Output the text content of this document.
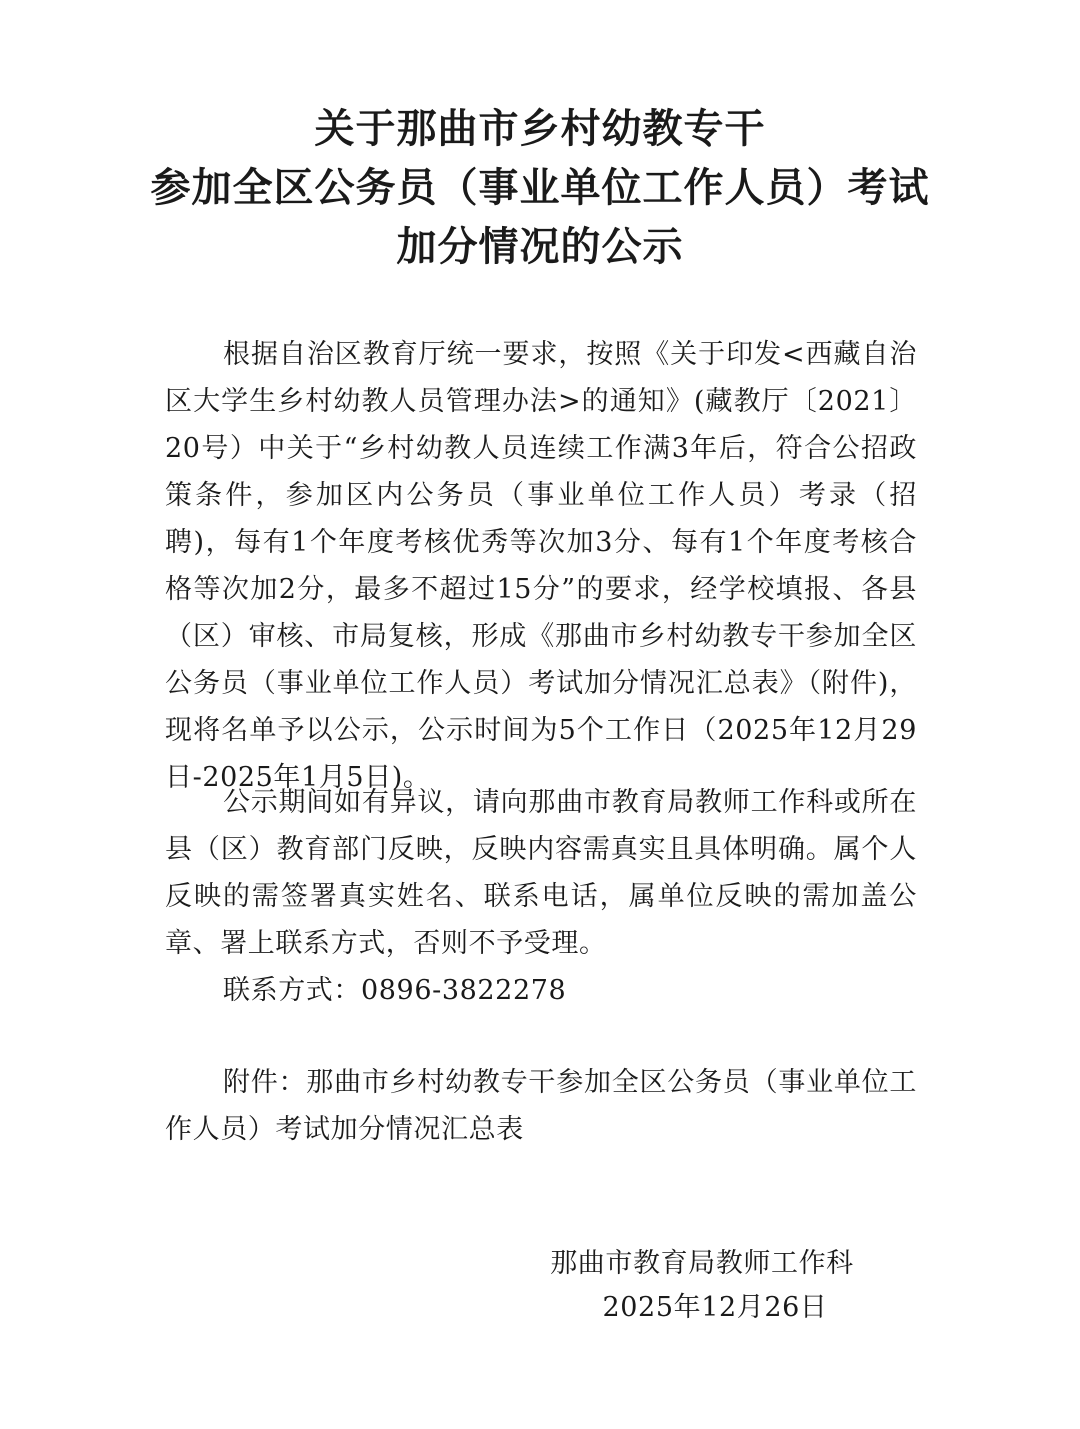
关于那曲市乡村幼教专干
参加全区公务员（事业单位工作人员）考试
加分情况的公示

根据自治区教育厅统一要求，按照《关于印发<西藏自治区大学生乡村幼教人员管理办法>的通知》(藏教厅〔2021〕20号）中关于“乡村幼教人员连续工作满3年后，符合公招政策条件，参加区内公务员（事业单位工作人员）考录（招聘)，每有1个年度考核优秀等次加3分、每有1个年度考核合格等次加2分，最多不超过15分”的要求，经学校填报、各县（区）审核、市局复核，形成《那曲市乡村幼教专干参加全区公务员（事业单位工作人员）考试加分情况汇总表》（附件)，现将名单予以公示，公示时间为5个工作日（2025年12月29日-2025年1月5日)。

公示期间如有异议，请向那曲市教育局教师工作科或所在县（区）教育部门反映，反映内容需真实且具体明确。属个人反映的需签署真实姓名、联系电话，属单位反映的需加盖公章、署上联系方式，否则不予受理。

联系方式：0896-3822278

附件：那曲市乡村幼教专干参加全区公务员（事业单位工作人员）考试加分情况汇总表

那曲市教育局教师工作科

2025年12月26日
